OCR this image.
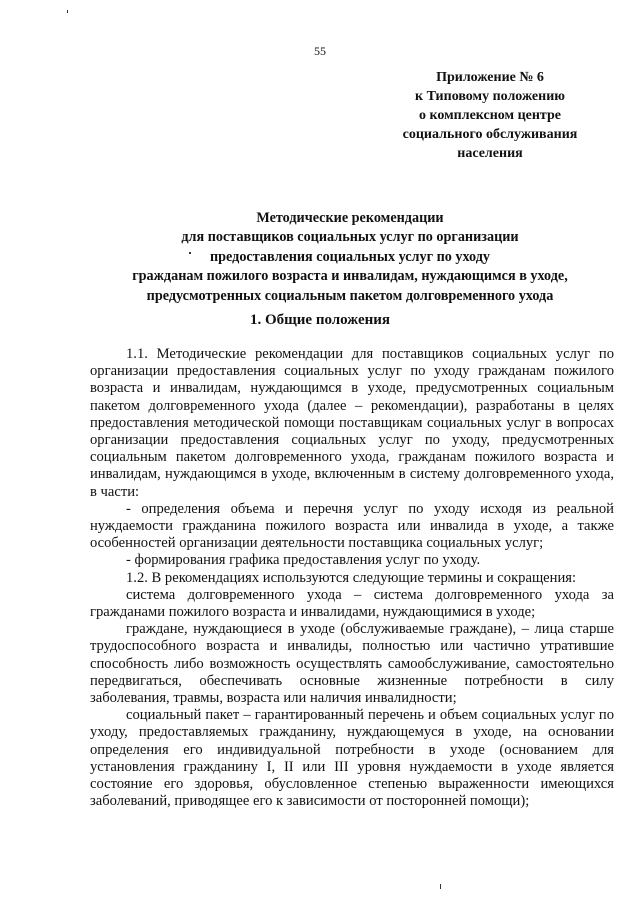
55
Приложение № 6
к Типовому положению
о комплексном центре
социального обслуживания
населения
Методические рекомендации
для поставщиков социальных услуг по организации
предоставления социальных услуг по уходу
гражданам пожилого возраста и инвалидам, нуждающимся в уходе,
предусмотренных социальным пакетом долговременного ухода
1. Общие положения

1.1. Методические рекомендации для поставщиков социальных услуг по организации предоставления социальных услуг по уходу гражданам пожилого возраста и инвалидам, нуждающимся в уходе, предусмотренных социальным пакетом долговременного ухода (далее – рекомендации), разработаны в целях предоставления методической помощи поставщикам социальных услуг в вопросах организации предоставления социальных услуг по уходу, предусмотренных социальным пакетом долговременного ухода, гражданам пожилого возраста и инвалидам, нуждающимся в уходе, включенным в систему долговременного ухода, в части:

- определения объема и перечня услуг по уходу исходя из реальной нуждаемости гражданина пожилого возраста или инвалида в уходе, а также особенностей организации деятельности поставщика социальных услуг;

- формирования графика предоставления услуг по уходу.

1.2. В рекомендациях используются следующие термины и сокращения:

система долговременного ухода – система долговременного ухода за гражданами пожилого возраста и инвалидами, нуждающимися в уходе;

граждане, нуждающиеся в уходе (обслуживаемые граждане), – лица старше трудоспособного возраста и инвалиды, полностью или частично утратившие способность либо возможность осуществлять самообслуживание, самостоятельно передвигаться, обеспечивать основные жизненные потребности в силу заболевания, травмы, возраста или наличия инвалидности;

социальный пакет – гарантированный перечень и объем социальных услуг по уходу, предоставляемых гражданину, нуждающемуся в уходе, на основании определения его индивидуальной потребности в уходе (основанием для установления гражданину I, II или III уровня нуждаемости в уходе является состояние его здоровья, обусловленное степенью выраженности имеющихся заболеваний, приводящее его к зависимости от посторонней помощи);
